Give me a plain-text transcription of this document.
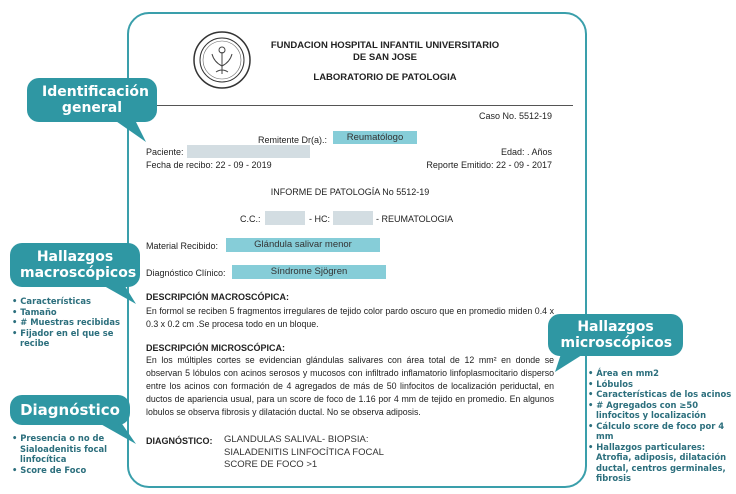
FUNDACION HOSPITAL INFANTIL UNIVERSITARIO
DE SAN JOSE
LABORATORIO DE PATOLOGIA
Caso No. 5512-19
Remitente Dr(a).:	Reumatólogo
Paciente:	Edad: . Años
Fecha de recibo: 22 - 09 - 2019	Reporte Emitido: 22 - 09 - 2017
INFORME DE PATOLOGÍA No 5512-19
C.C.:	- HC:	- REUMATOLOGIA
Material Recibido:	Glándula salivar menor
Diagnóstico Clínico:	Síndrome Sjögren
DESCRIPCIÓN MACROSCÓPICA:
En formol se reciben 5 fragmentos irregulares de tejido color pardo oscuro que en promedio miden 0.4 x 0.3 x 0.2 cm .Se procesa todo en un bloque.
DESCRIPCIÓN MICROSCÓPICA:
En los múltiples cortes se evidencian glándulas salivares con área total de 12 mm² en donde se observan 5 lóbulos con acinos serosos y mucosos con infiltrado inflamatorio linfoplasmocitario disperso entre los acinos con formación de 4 agregados de más de 50 linfocitos de localización periductal, en ductos de apariencia usual, para un score de foco de 1.16 por 4 mm de tejido en promedio. En algunos lobulos se observa fibrosis y dilatación ductal. No se observa adiposis.
DIAGNÓSTICO: GLANDULAS SALIVAL- BIOPSIA:
SIALADENITIS LINFOCÍTICA FOCAL
SCORE DE FOCO >1
Identificación general
Hallazgos macroscópicos
• Características
• Tamaño
• # Muestras recibidas
• Fijador en el que se recibe
Diagnóstico
• Presencia o no de Sialoadenitis focal linfocítica
• Score de Foco
Hallazgos microscópicos
• Área en mm2
• Lóbulos
• Características de los acinos
• # Agregados con ≥50 linfocitos y localización
• Cálculo score de foco por 4 mm
• Hallazgos particulares: Atrofia, adiposis, dilatación ductal, centros germinales, fibrosis
